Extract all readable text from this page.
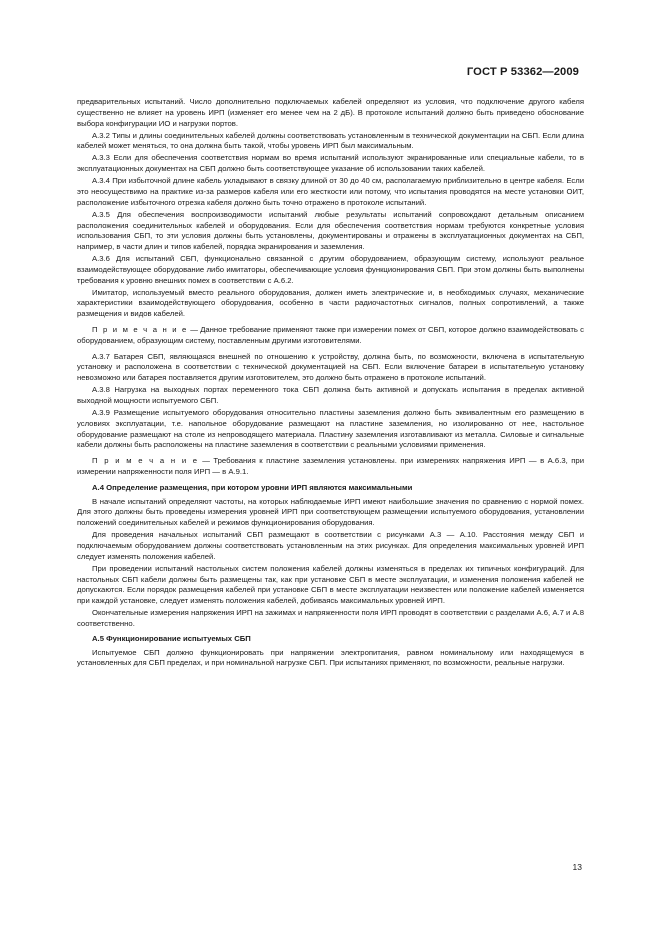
ГОСТ Р 53362—2009

предварительных испытаний. Число дополнительно подключаемых кабелей определяют из условия, что подключение другого кабеля существенно не влияет на уровень ИРП (изменяет его менее чем на 2 дБ). В протоколе испытаний должно быть приведено обоснование выбора конфигурации ИО и нагрузки портов.

А.3.2 Типы и длины соединительных кабелей должны соответствовать установленным в технической документации на СБП. Если длина кабелей может меняться, то она должна быть такой, чтобы уровень ИРП был максимальным.

А.3.3 Если для обеспечения соответствия нормам во время испытаний используют экранированные или специальные кабели, то в эксплуатационных документах на СБП должно быть соответствующее указание об использовании таких кабелей.

А.3.4 При избыточной длине кабель укладывают в связку длиной от 30 до 40 см, располагаемую приблизительно в центре кабеля. Если это неосуществимо на практике из-за размеров кабеля или его жесткости или потому, что испытания проводятся на месте установки ОИТ, расположение избыточного отрезка кабеля должно быть точно отражено в протоколе испытаний.

А.3.5 Для обеспечения воспроизводимости испытаний любые результаты испытаний сопровождают детальным описанием расположения соединительных кабелей и оборудования. Если для обеспечения соответствия нормам требуются конкретные условия использования СБП, то эти условия должны быть установлены, документированы и отражены в эксплуатационных документах на СБП, например, в части длин и типов кабелей, порядка экранирования и заземления.

А.3.6 Для испытаний СБП, функционально связанной с другим оборудованием, образующим систему, используют реальное взаимодействующее оборудование либо имитаторы, обеспечивающие условия функционирования СБП. При этом должны быть выполнены требования к уровню внешних помех в соответствии с А.6.2.

Имитатор, используемый вместо реального оборудования, должен иметь электрические и, в необходимых случаях, механические характеристики взаимодействующего оборудования, особенно в части радиочастотных сигналов, полных сопротивлений, а также размещения и видов кабелей.

П р и м е ч а н и е — Данное требование применяют также при измерении помех от СБП, которое должно взаимодействовать с оборудованием, образующим систему, поставленным другими изготовителями.

А.3.7 Батарея СБП, являющаяся внешней по отношению к устройству, должна быть, по возможности, включена в испытательную установку и расположена в соответствии с технической документацией на СБП. Если включение батареи в испытательную установку невозможно или батарея поставляется другим изготовителем, это должно быть отражено в протоколе испытаний.

А.3.8 Нагрузка на выходных портах переменного тока СБП должна быть активной и допускать испытания в пределах активной выходной мощности испытуемого СБП.

А.3.9 Размещение испытуемого оборудования относительно пластины заземления должно быть эквивалентным его размещению в условиях эксплуатации, т.е. напольное оборудование размещают на пластине заземления, но изолированно от нее, настольное оборудование размещают на столе из непроводящего материала. Пластину заземления изготавливают из металла. Силовые и сигнальные кабели должны быть расположены на пластине заземления в соответствии с реальными условиями применения.

П р и м е ч а н и е — Требования к пластине заземления установлены. при измерениях напряжения ИРП — в А.6.3, при измерении напряженности поля ИРП — в А.9.1.

А.4 Определение размещения, при котором уровни ИРП являются максимальными

В начале испытаний определяют частоты, на которых наблюдаемые ИРП имеют наибольшие значения по сравнению с нормой помех. Для этого должны быть проведены измерения уровней ИРП при соответствующем размещении испытуемого оборудования, установлении положений соединительных кабелей и режимов функционирования оборудования.

Для проведения начальных испытаний СБП размещают в соответствии с рисунками А.3 — А.10. Расстояния между СБП и подключаемым оборудованием должны соответствовать установленным на этих рисунках. Для определения максимальных уровней ИРП следует изменять положения кабелей.

При проведении испытаний настольных систем положения кабелей должны изменяться в пределах их типичных конфигураций. Для настольных СБП кабели должны быть размещены так, как при установке СБП в месте эксплуатации, и изменения положения кабелей не допускаются. Если порядок размещения кабелей при установке СБП в месте эксплуатации неизвестен или положение кабелей изменяется при каждой установке, следует изменять положения кабелей, добиваясь максимальных уровней ИРП.

Окончательные измерения напряжения ИРП на зажимах и напряженности поля ИРП проводят в соответствии с разделами А.6, А.7 и А.8 соответственно.

А.5 Функционирование испытуемых СБП

Испытуемое СБП должно функционировать при напряжении электропитания, равном номинальному или находящемуся в установленных для СБП пределах, и при номинальной нагрузке СБП. При испытаниях применяют, по возможности, реальные нагрузки.

13
